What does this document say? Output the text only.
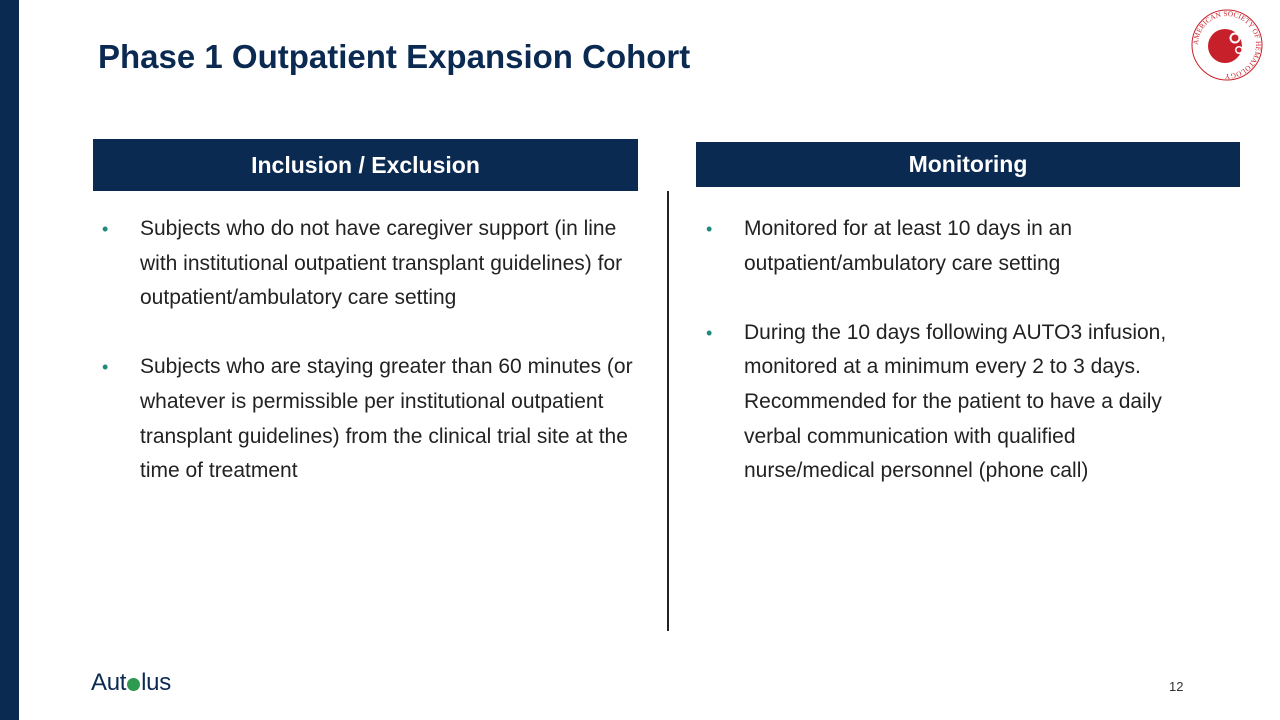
Phase 1 Outpatient Expansion Cohort	AMERICAN SOCIETY OF HEMATOLOGY
Inclusion / Exclusion	Monitoring
• Subjects who do not have caregiver support (in line with institutional outpatient transplant guidelines) for outpatient/ambulatory care setting
• Subjects who are staying greater than 60 minutes (or whatever is permissible per institutional outpatient transplant guidelines) from the clinical trial site at the time of treatment
• Monitored for at least 10 days in an outpatient/ambulatory care setting
• During the 10 days following AUTO3 infusion, monitored at a minimum every 2 to 3 days. Recommended for the patient to have a daily verbal communication with qualified nurse/medical personnel (phone call)
Aut lus	12
